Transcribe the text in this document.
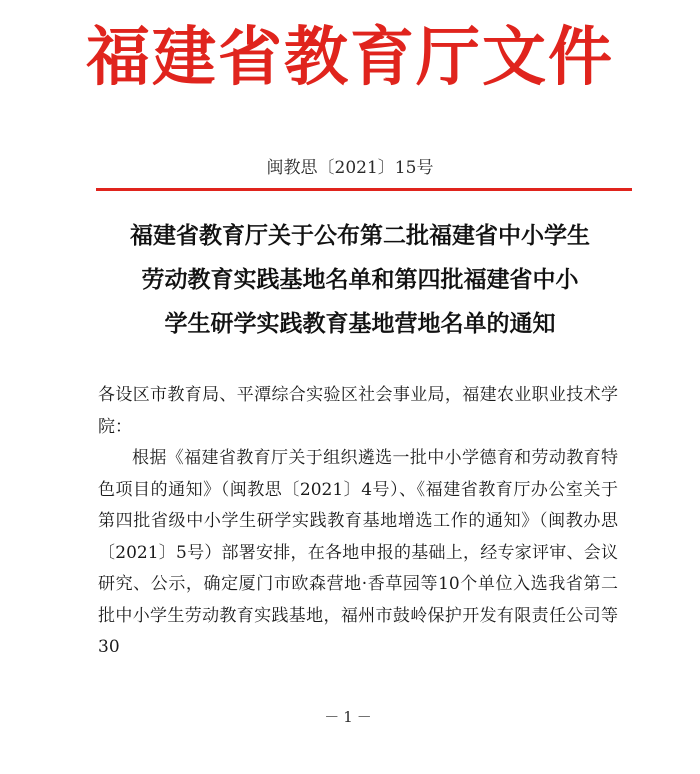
福建省教育厅文件
闽教思〔2021〕15号
福建省教育厅关于公布第二批福建省中小学生
劳动教育实践基地名单和第四批福建省中小
学生研学实践教育基地营地名单的通知

各设区市教育局、平潭综合实验区社会事业局，福建农业职业技术学院：

根据《福建省教育厅关于组织遴选一批中小学德育和劳动教育特色项目的通知》（闽教思〔2021〕4号）、《福建省教育厅办公室关于第四批省级中小学生研学实践教育基地增选工作的通知》（闽教办思〔2021〕5号）部署安排，在各地申报的基础上，经专家评审、会议研究、公示，确定厦门市欧森营地·香草园等10个单位入选我省第二批中小学生劳动教育实践基地，福州市鼓岭保护开发有限责任公司等30

－1－
